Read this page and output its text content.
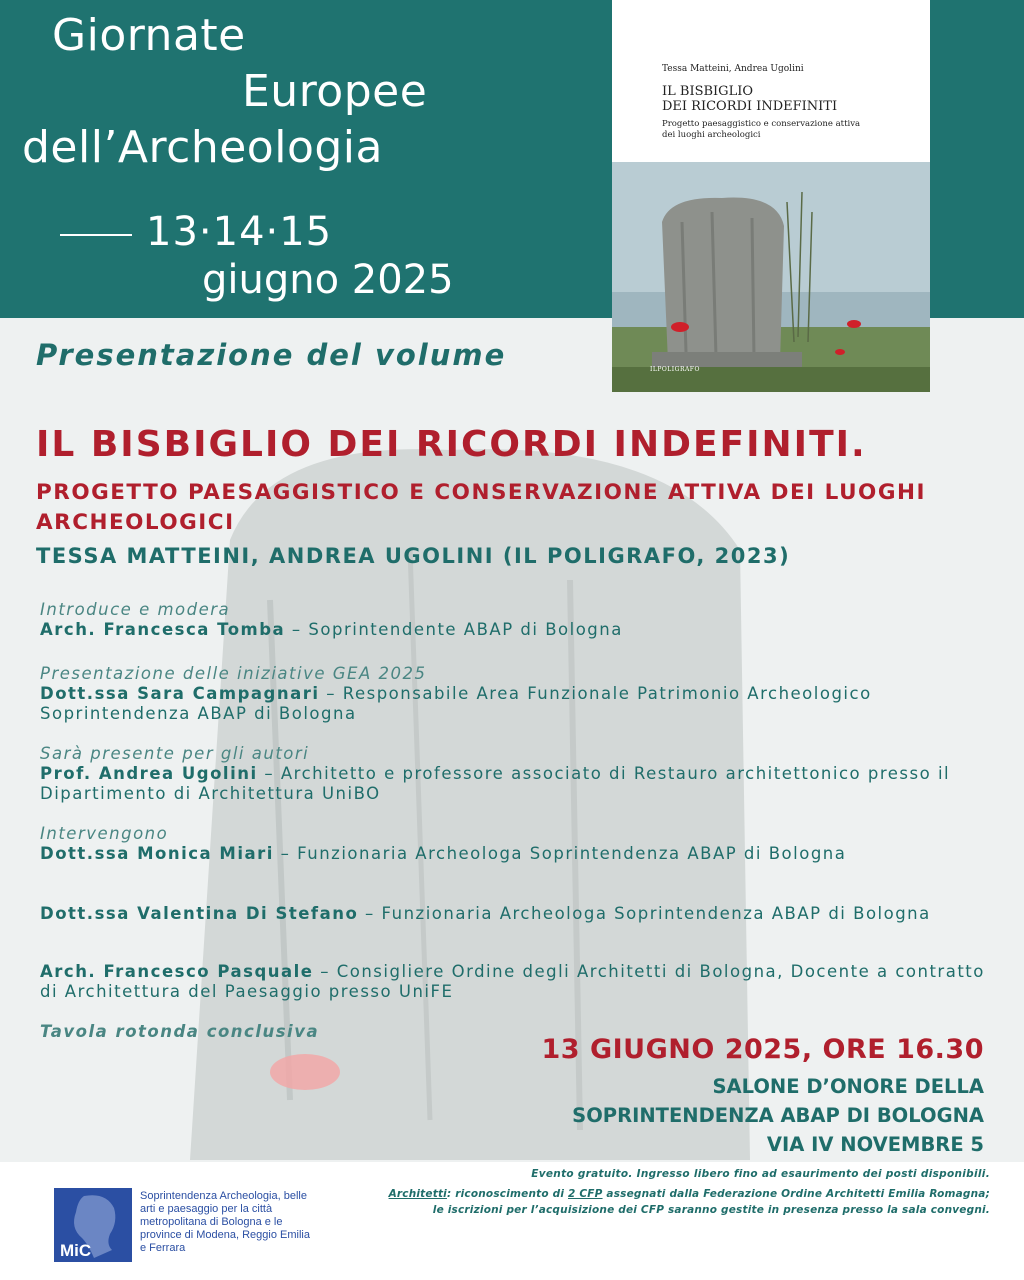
Giornate
Europee
dell’Archeologia
13·14·15
giugno 2025
Tessa Matteini, Andrea Ugolini
IL BISBIGLIO
DEI RICORDI INDEFINITI
Progetto paesaggistico e conservazione attiva dei luoghi archeologici
ILPOLIGRAFO
Presentazione del volume
IL BISBIGLIO DEI RICORDI INDEFINITI.
PROGETTO PAESAGGISTICO E CONSERVAZIONE ATTIVA DEI LUOGHI ARCHEOLOGICI
TESSA MATTEINI, ANDREA UGOLINI (IL POLIGRAFO, 2023)
Introduce e modera
Arch. Francesca Tomba – Soprintendente ABAP di Bologna
Presentazione delle iniziative GEA 2025
Dott.ssa Sara Campagnari – Responsabile Area Funzionale Patrimonio Archeologico Soprintendenza ABAP di Bologna
Sarà presente per gli autori
Prof. Andrea Ugolini – Architetto e professore associato di Restauro architettonico presso il Dipartimento di Architettura UniBO
Intervengono
Dott.ssa Monica Miari – Funzionaria Archeologa Soprintendenza ABAP di Bologna
Dott.ssa Valentina Di Stefano – Funzionaria Archeologa Soprintendenza ABAP di Bologna
Arch. Francesco Pasquale – Consigliere Ordine degli Architetti di Bologna, Docente a contratto di Architettura del Paesaggio presso UniFE
Tavola rotonda conclusiva
13 GIUGNO 2025, ORE 16.30
SALONE D’ONORE DELLA
SOPRINTENDENZA ABAP DI BOLOGNA
VIA IV NOVEMBRE 5
MiC
Soprintendenza Archeologia, belle arti e paesaggio per la città metropolitana di Bologna e le province di Modena, Reggio Emilia e Ferrara
Evento gratuito. Ingresso libero fino ad esaurimento dei posti disponibili.
Architetti: riconoscimento di 2 CFP assegnati dalla Federazione Ordine Architetti Emilia Romagna;
le iscrizioni per l’acquisizione dei CFP saranno gestite in presenza presso la sala convegni.
